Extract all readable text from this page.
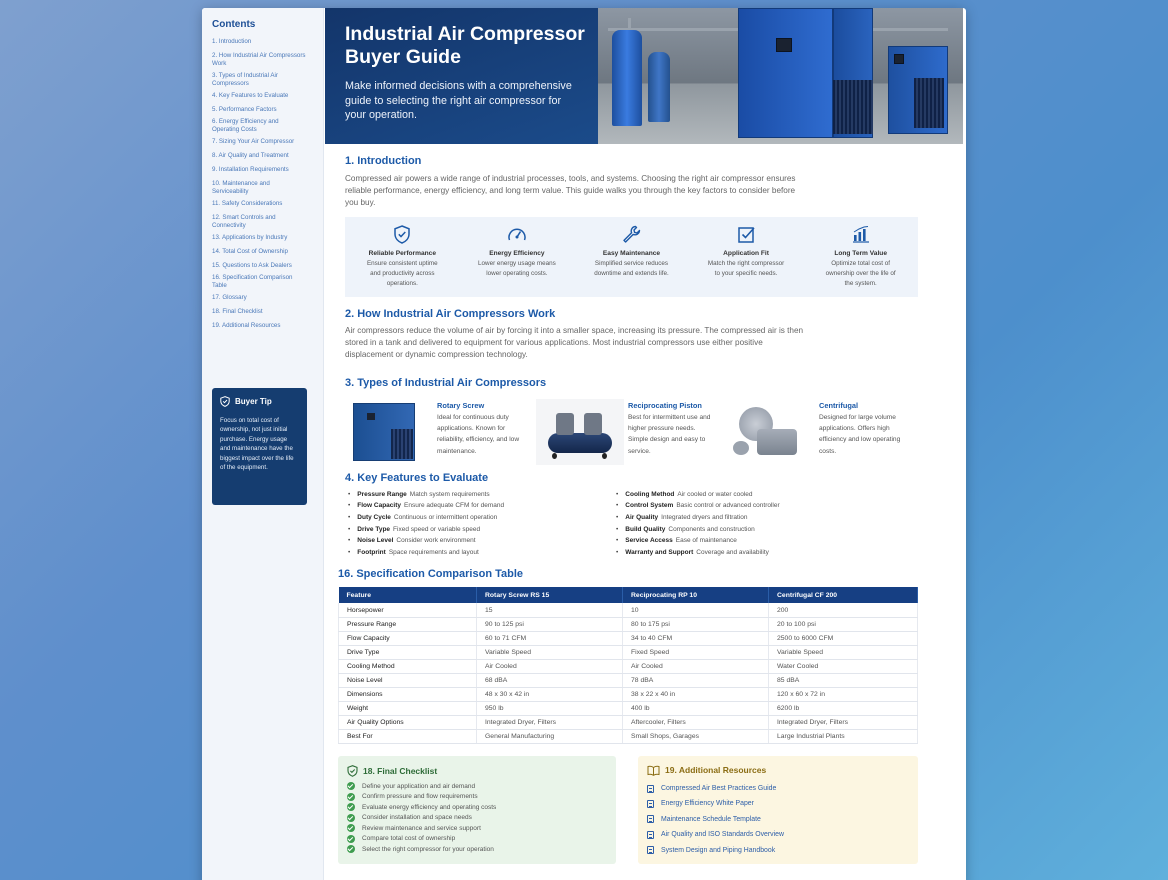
Contents
1. Introduction
2. How Industrial Air Compressors Work
3. Types of Industrial Air Compressors
4. Key Features to Evaluate
5. Performance Factors
6. Energy Efficiency and Operating Costs
7. Sizing Your Air Compressor
8. Air Quality and Treatment
9. Installation Requirements
10. Maintenance and Serviceability
11. Safety Considerations
12. Smart Controls and Connectivity
13. Applications by Industry
14. Total Cost of Ownership
15. Questions to Ask Dealers
16. Specification Comparison Table
17. Glossary
18. Final Checklist
19. Additional Resources
Buyer Tip

Focus on total cost of ownership, not just initial purchase. Energy usage and maintenance have the biggest impact over the life of the equipment.

Industrial Air Compressor Buyer Guide

Make informed decisions with a comprehensive guide to selecting the right air compressor for your operation.

1. Introduction

Compressed air powers a wide range of industrial processes, tools, and systems. Choosing the right air compressor ensures reliable performance, energy efficiency, and long term value. This guide walks you through the key factors to consider before you buy.

Reliable Performance
Ensure consistent uptime and productivity across operations.
Energy Efficiency
Lower energy usage means lower operating costs.
Easy Maintenance
Simplified service reduces downtime and extends life.
Application Fit
Match the right compressor to your specific needs.
Long Term Value
Optimize total cost of ownership over the life of the system.
2. How Industrial Air Compressors Work

Air compressors reduce the volume of air by forcing it into a smaller space, increasing its pressure. The compressed air is then stored in a tank and delivered to equipment for various applications. Most industrial compressors use either positive displacement or dynamic compression technology.

3. Types of Industrial Air Compressors
Rotary Screw
Ideal for continuous duty applications. Known for reliability, efficiency, and low maintenance.
Reciprocating Piston
Best for intermittent use and higher pressure needs. Simple design and easy to service.
Centrifugal
Designed for large volume applications. Offers high efficiency and low operating costs.
4. Key Features to Evaluate
• Pressure Range Match system requirements
• Flow Capacity Ensure adequate CFM for demand
• Duty Cycle Continuous or intermittent operation
• Drive Type Fixed speed or variable speed
• Noise Level Consider work environment
• Footprint Space requirements and layout
• Cooling Method Air cooled or water cooled
• Control System Basic control or advanced controller
• Air Quality Integrated dryers and filtration
• Build Quality Components and construction
• Service Access Ease of maintenance
• Warranty and Support Coverage and availability
16. Specification Comparison Table
Feature	Rotary Screw RS 15	Reciprocating RP 10	Centrifugal CF 200
Horsepower	15	10	200
Pressure Range	90 to 125 psi	80 to 175 psi	20 to 100 psi
Flow Capacity	60 to 71 CFM	34 to 40 CFM	2500 to 6000 CFM
Drive Type	Variable Speed	Fixed Speed	Variable Speed
Cooling Method	Air Cooled	Air Cooled	Water Cooled
Noise Level	68 dBA	78 dBA	85 dBA
Dimensions	48 x 30 x 42 in	38 x 22 x 40 in	120 x 60 x 72 in
Weight	950 lb	400 lb	6200 lb
Air Quality Options	Integrated Dryer, Filters	Aftercooler, Filters	Integrated Dryer, Filters
Best For	General Manufacturing	Small Shops, Garages	Large Industrial Plants
18. Final Checklist
Define your application and air demand
Confirm pressure and flow requirements
Evaluate energy efficiency and operating costs
Consider installation and space needs
Review maintenance and service support
Compare total cost of ownership
Select the right compressor for your operation
19. Additional Resources
Compressed Air Best Practices Guide
Energy Efficiency White Paper
Maintenance Schedule Template
Air Quality and ISO Standards Overview
System Design and Piping Handbook
